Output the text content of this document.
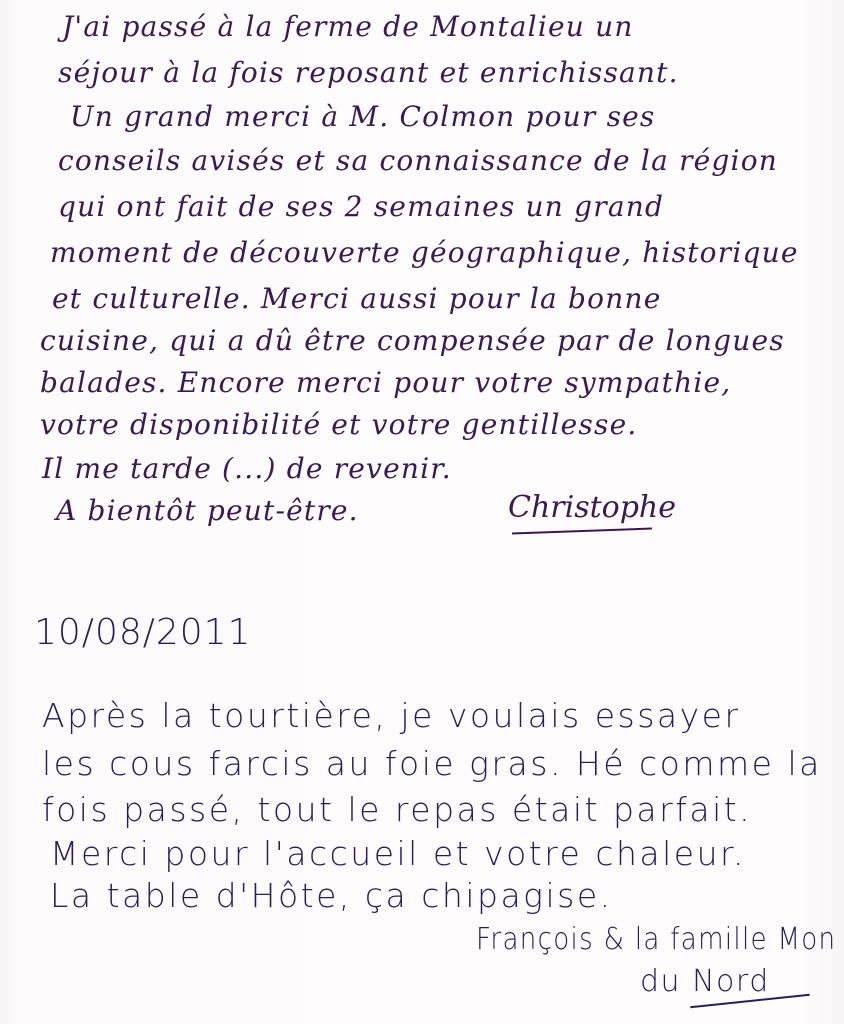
J'ai passé à la ferme de Montalieu un
séjour à la fois reposant et enrichissant.
Un grand merci à M. Colmon pour ses
conseils avisés et sa connaissance de la région
qui ont fait de ses 2 semaines un grand
moment de découverte géographique, historique
et culturelle. Merci aussi pour la bonne
cuisine, qui a dû être compensée par de longues
balades. Encore merci pour votre sympathie,
votre disponibilité et votre gentillesse.
Il me tarde (...) de revenir.
A bientôt peut-être.	Christophe
10/08/2011
Après la tourtière, je voulais essayer
les cous farcis au foie gras. Hé comme la
fois passé, tout le repas était parfait.
Merci pour l'accueil et votre chaleur.
La table d'Hôte, ça chipagise.
François & la famille Mon
du Nord
